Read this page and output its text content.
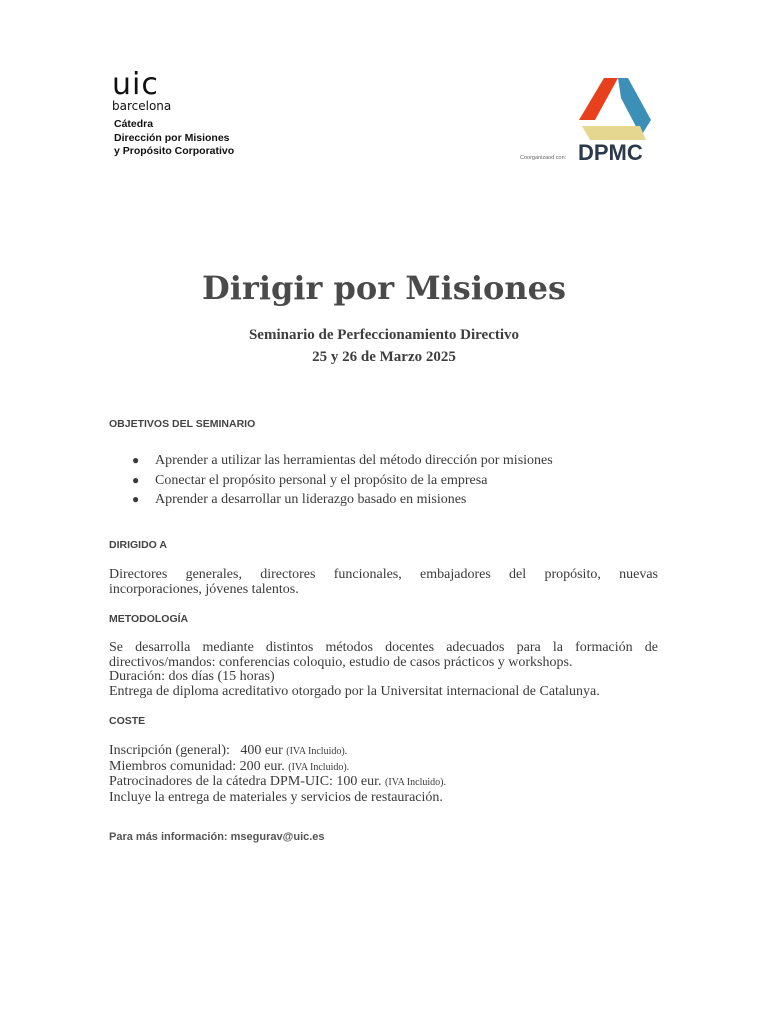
uic
barcelona
Cátedra
Dirección por Misiones
y Propósito Corporativo
Coorganizaod con: DPMC
Dirigir por Misiones
Seminario de Perfeccionamiento Directivo
25 y 26 de Marzo 2025
OBJETIVOS DEL SEMINARIO
● Aprender a utilizar las herramientas del método dirección por misiones
● Conectar el propósito personal y el propósito de la empresa
● Aprender a desarrollar un liderazgo basado en misiones
DIRIGIDO A
Directores generales, directores funcionales, embajadores del propósito, nuevas
incorporaciones, jóvenes talentos.
METODOLOGÍA
Se desarrolla mediante distintos métodos docentes adecuados para la formación de
directivos/mandos: conferencias coloquio, estudio de casos prácticos y workshops.
Duración: dos días (15 horas)
Entrega de diploma acreditativo otorgado por la Universitat internacional de Catalunya.
COSTE
Inscripción (general):   400 eur (IVA Incluido).
Miembros comunidad: 200 eur. (IVA Incluido).
Patrocinadores de la cátedra DPM-UIC: 100 eur. (IVA Incluido).
Incluye la entrega de materiales y servicios de restauración.
Para más información: msegurav@uic.es
